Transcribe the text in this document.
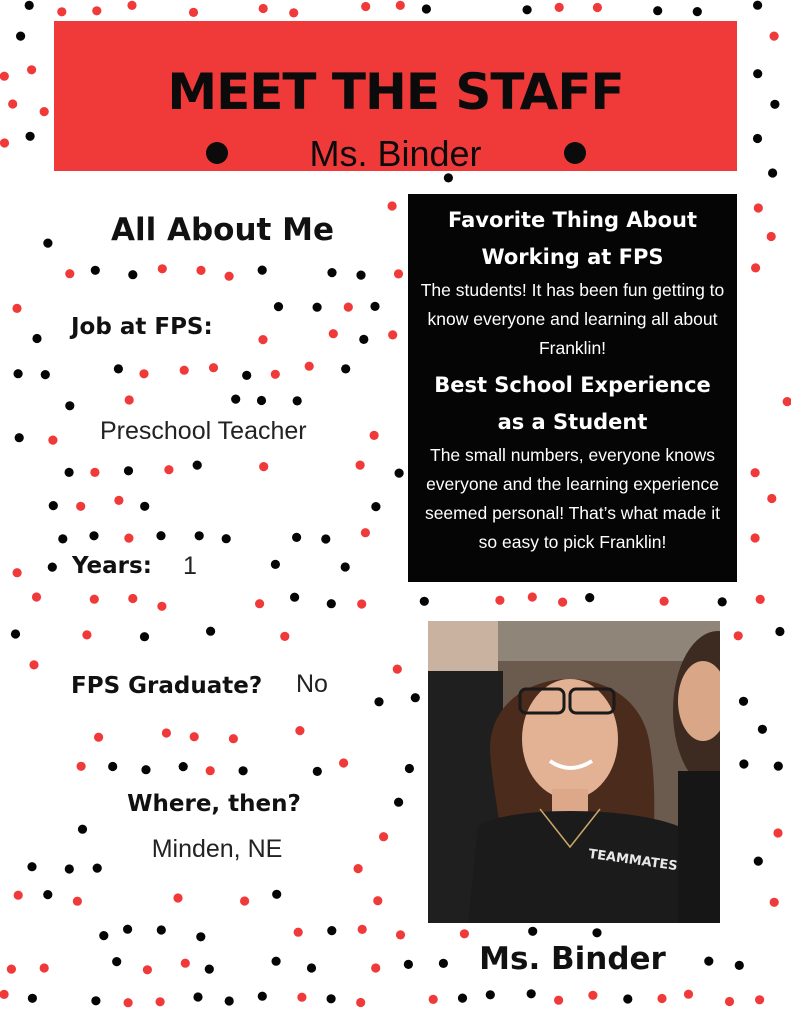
MEET THE STAFF
Ms. Binder
All About Me
Job at FPS:
Preschool Teacher
Years: 1
FPS Graduate? No
Where, then?
Minden, NE
Favorite Thing About
Working at FPS
The students! It has been fun getting to know everyone and learning all about Franklin!
Best School Experience
as a Student
The small numbers, everyone knows everyone and the learning experience seemed personal! That’s what made it so easy to pick Franklin!
TEAMMATES
Ms. Binder
